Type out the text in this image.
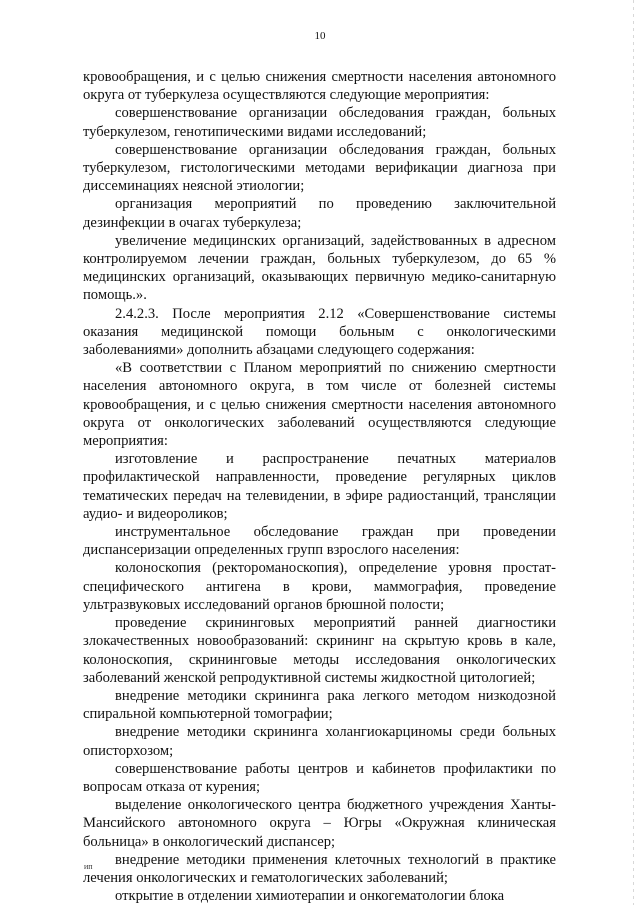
10

кровообращения, и с целью снижения смертности населения автономного округа от туберкулеза осуществляются следующие мероприятия:

совершенствование организации обследования граждан, больных туберкулезом, генотипическими видами исследований;

совершенствование организации обследования граждан, больных туберкулезом, гистологическими методами верификации диагноза при диссеминациях неясной этиологии;

организация мероприятий по проведению заключительной дезинфекции в очагах туберкулеза;

увеличение медицинских организаций, задействованных в адресном контролируемом лечении граждан, больных туберкулезом, до 65 % медицинских организаций, оказывающих первичную медико-санитарную помощь.».

2.4.2.3. После мероприятия 2.12 «Совершенствование системы оказания медицинской помощи больным с онкологическими заболеваниями» дополнить абзацами следующего содержания:

«В соответствии с Планом мероприятий по снижению смертности населения автономного округа, в том числе от болезней системы кровообращения, и с целью снижения смертности населения автономного округа от онкологических заболеваний осуществляются следующие мероприятия:

изготовление и распространение печатных материалов профилактической направленности, проведение регулярных циклов тематических передач на телевидении, в эфире радиостанций, трансляции аудио- и видеороликов;

инструментальное обследование граждан при проведении диспансеризации определенных групп взрослого населения:

колоноскопия (ректороманоскопия), определение уровня простат-специфического антигена в крови, маммография, проведение ультразвуковых исследований органов брюшной полости;

проведение скрининговых мероприятий ранней диагностики злокачественных новообразований: скрининг на скрытую кровь в кале, колоноскопия, скрининговые методы исследования онкологических заболеваний женской репродуктивной системы жидкостной цитологией;

внедрение методики скрининга рака легкого методом низкодозной спиральной компьютерной томографии;

внедрение методики скрининга холангиокарциномы среди больных описторхозом;

совершенствование работы центров и кабинетов профилактики по вопросам отказа от курения;

выделение онкологического центра бюджетного учреждения Ханты-Мансийского автономного округа – Югры «Окружная клиническая больница» в онкологический диспансер;

внедрение методики применения клеточных технологий в практике лечения онкологических и гематологических заболеваний;

открытие в отделении химиотерапии и онкогематологии блока

ип
